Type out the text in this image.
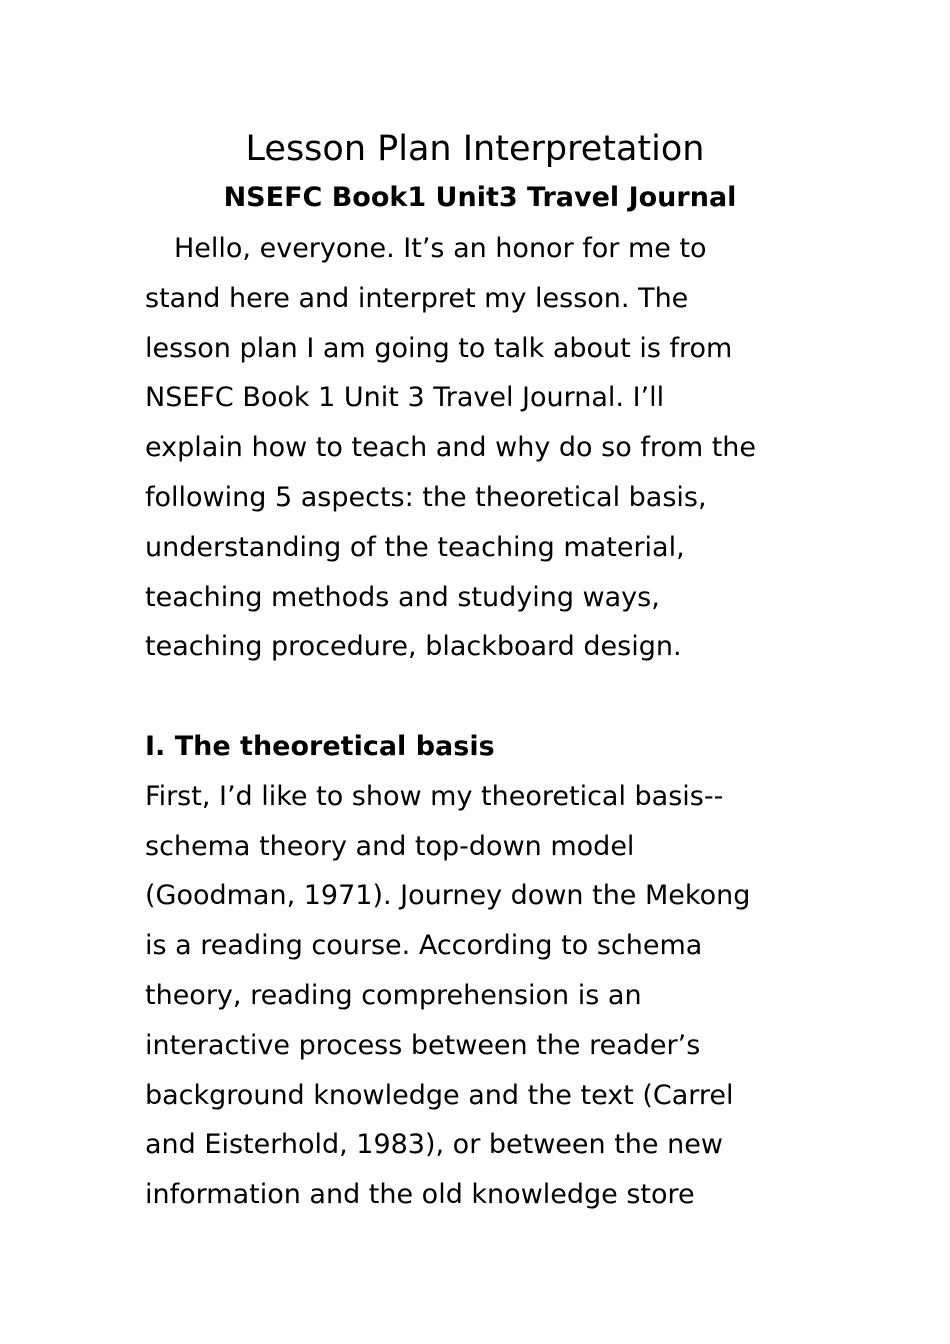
Lesson Plan Interpretation
NSEFC Book1 Unit3 Travel Journal
Hello, everyone. It’s an honor for me to
stand here and interpret my lesson. The
lesson plan I am going to talk about is from
NSEFC Book 1 Unit 3 Travel Journal. I’ll
explain how to teach and why do so from the
following 5 aspects: the theoretical basis,
understanding of the teaching material,
teaching methods and studying ways,
teaching procedure, blackboard design.
I. The theoretical basis
First, I’d like to show my theoretical basis--
schema theory and top-down model
(Goodman, 1971). Journey down the Mekong
is a reading course. According to schema
theory, reading comprehension is an
interactive process between the reader’s
background knowledge and the text (Carrel
and Eisterhold, 1983), or between the new
information and the old knowledge store
